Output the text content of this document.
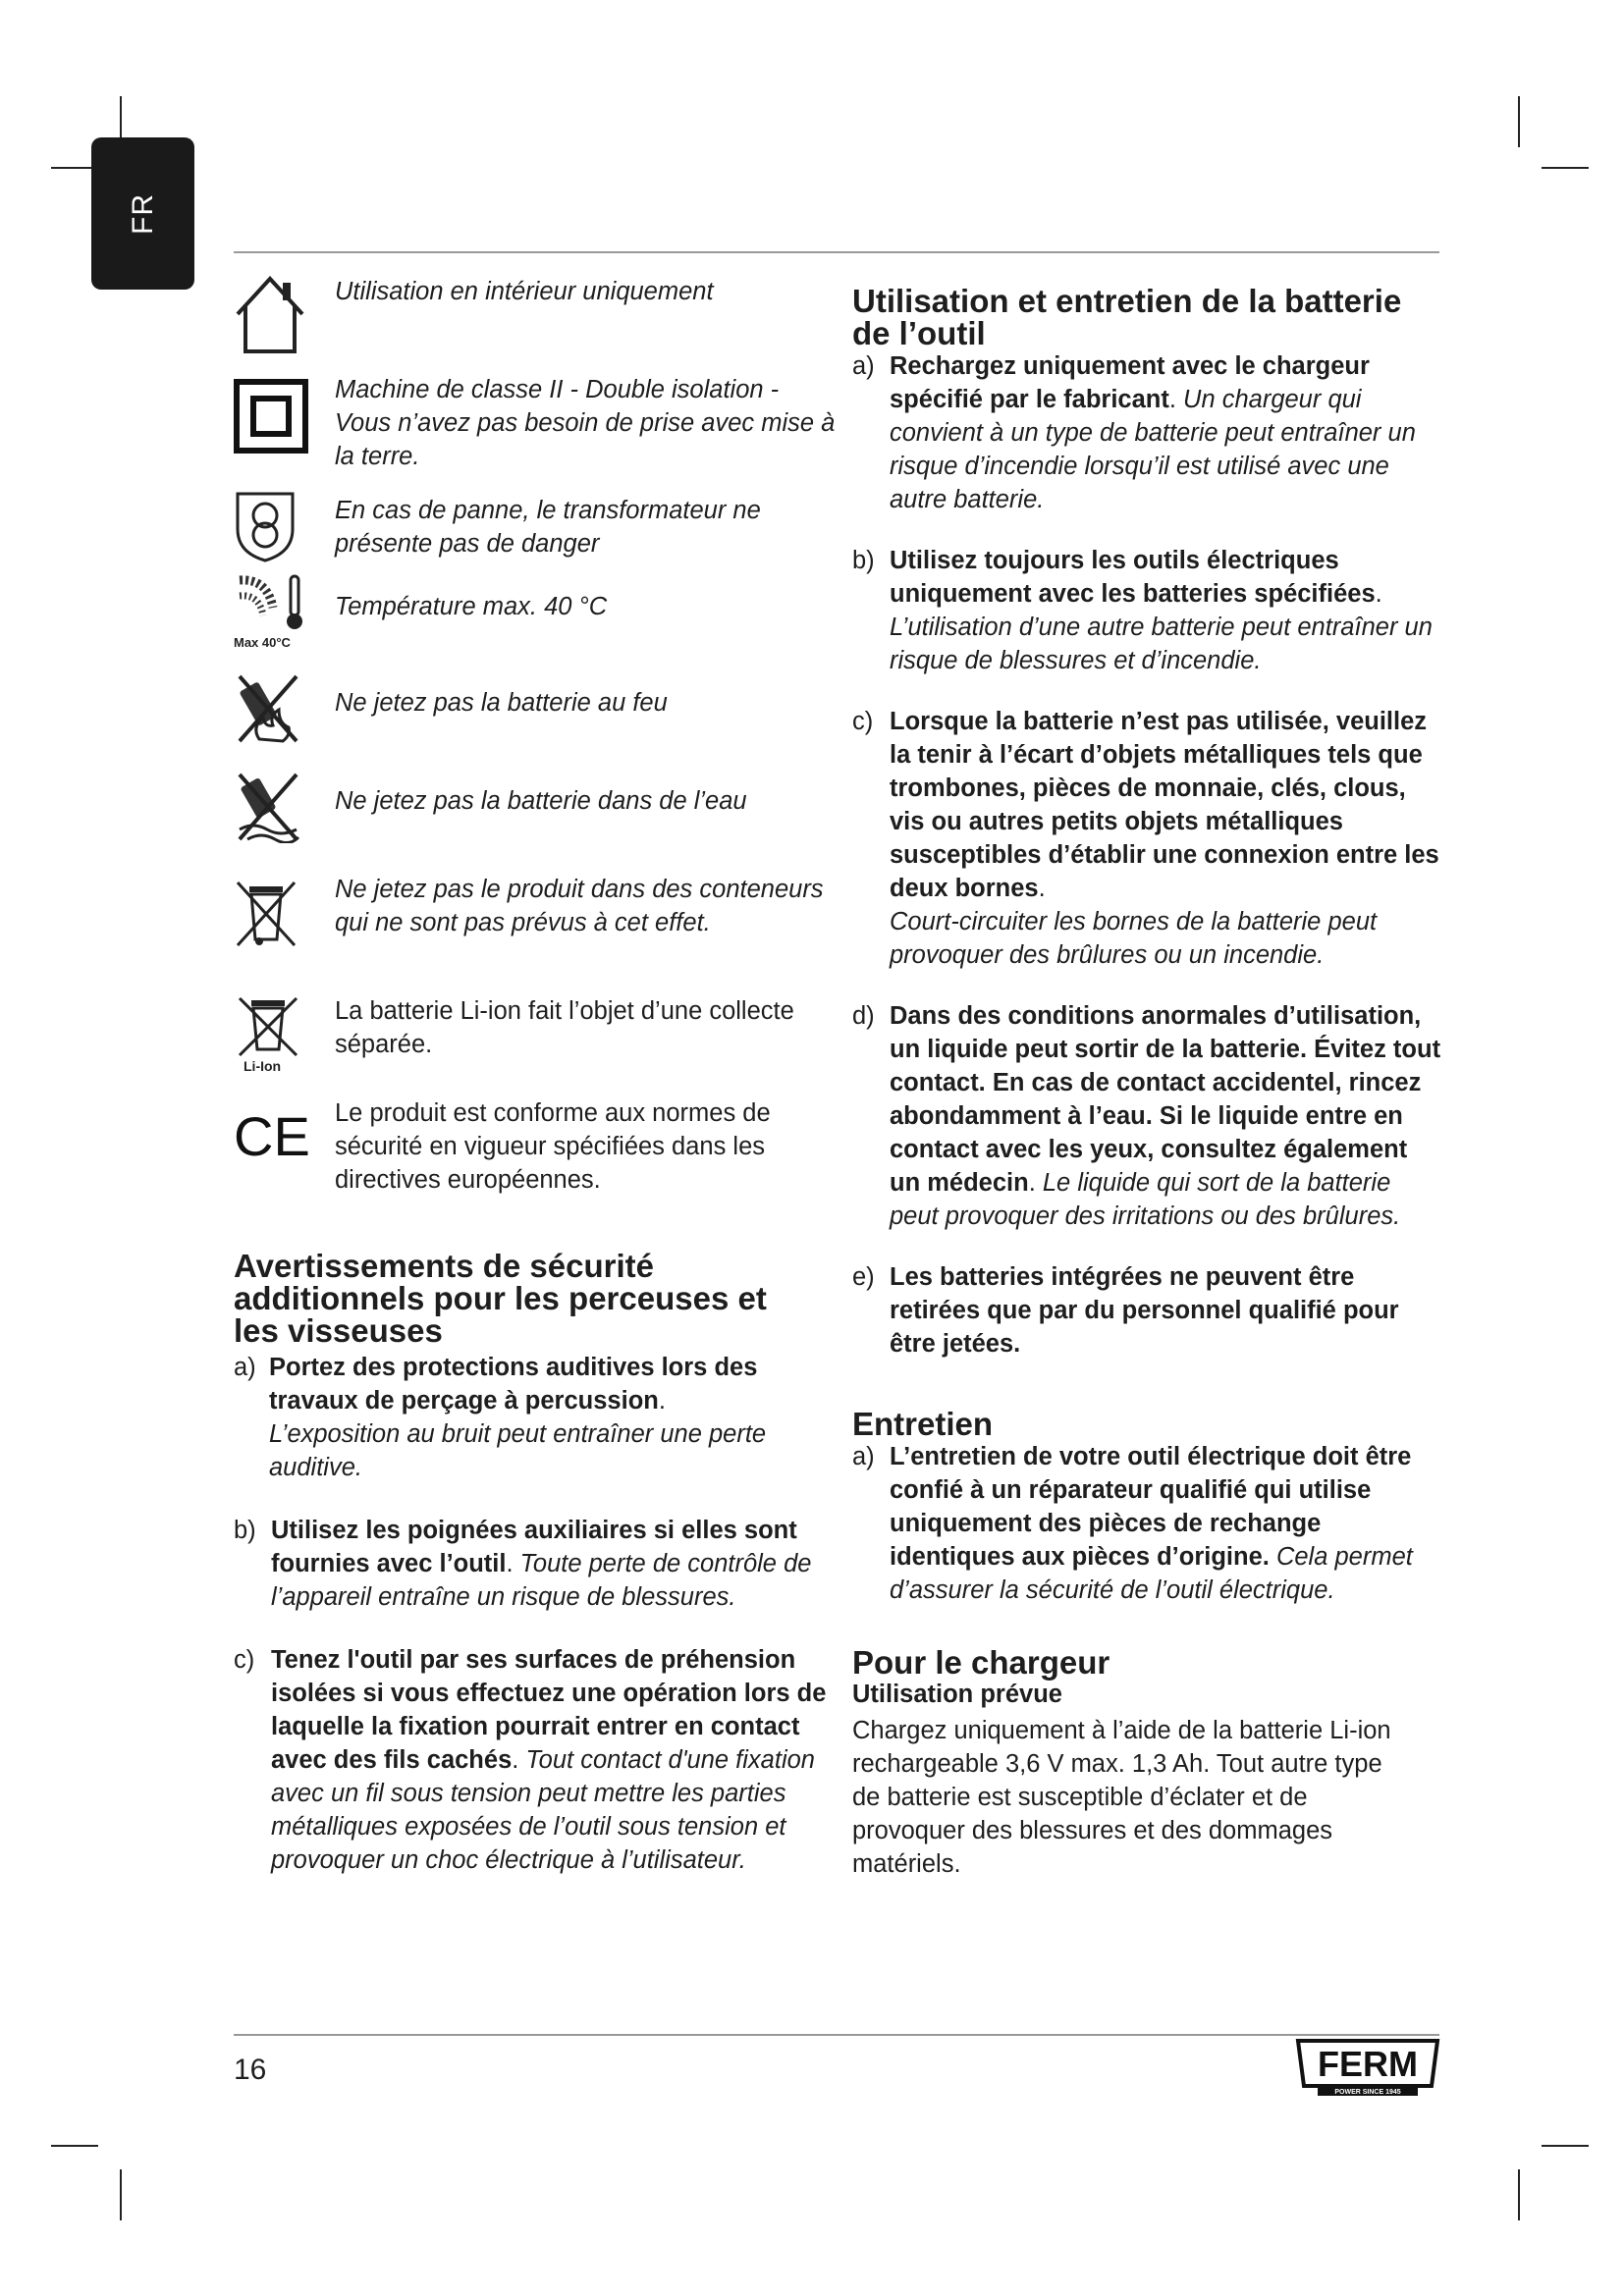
FR
Utilisation en intérieur uniquement
Machine de classe II - Double isolation - Vous n’avez pas besoin de prise avec mise à la terre.
En cas de panne, le transformateur ne présente pas de danger
Max 40°C
Température max. 40 °C
Ne jetez pas la batterie au feu
Ne jetez pas la batterie dans de l’eau
Ne jetez pas le produit dans des conteneurs qui ne sont pas prévus à cet effet.
Li-Ion
La batterie Li-ion fait l’objet d’une collecte séparée.
CE Le produit est conforme aux normes de sécurité en vigueur spécifiées dans les directives européennes.
Avertissements de sécurité additionnels pour les perceuses et les visseuses
a) Portez des protections auditives lors des travaux de perçage à percussion.
L’exposition au bruit peut entraîner une perte auditive.
b) Utilisez les poignées auxiliaires si elles sont fournies avec l’outil. Toute perte de contrôle de l’appareil entraîne un risque de blessures.
c) Tenez l'outil par ses surfaces de préhension isolées si vous effectuez une opération lors de laquelle la fixation pourrait entrer en contact avec des fils cachés. Tout contact d'une fixation avec un fil sous tension peut mettre les parties métalliques exposées de l’outil sous tension et provoquer un choc électrique à l’utilisateur.
Utilisation et entretien de la batterie de l’outil
a) Rechargez uniquement avec le chargeur spécifié par le fabricant. Un chargeur qui convient à un type de batterie peut entraîner un risque d’incendie lorsqu’il est utilisé avec une autre batterie.
b) Utilisez toujours les outils électriques uniquement avec les batteries spécifiées.
L’utilisation d’une autre batterie peut entraîner un risque de blessures et d’incendie.
c) Lorsque la batterie n’est pas utilisée, veuillez la tenir à l’écart d’objets métalliques tels que trombones, pièces de monnaie, clés, clous, vis ou autres petits objets métalliques susceptibles d’établir une connexion entre les deux bornes.
Court-circuiter les bornes de la batterie peut provoquer des brûlures ou un incendie.
d) Dans des conditions anormales d’utilisation, un liquide peut sortir de la batterie. Évitez tout contact. En cas de contact accidentel, rincez abondamment à l’eau. Si le liquide entre en contact avec les yeux, consultez également un médecin. Le liquide qui sort de la batterie peut provoquer des irritations ou des brûlures.
e) Les batteries intégrées ne peuvent être retirées que par du personnel qualifié pour être jetées.
Entretien
a) L’entretien de votre outil électrique doit être confié à un réparateur qualifié qui utilise uniquement des pièces de rechange identiques aux pièces d’origine. Cela permet d’assurer la sécurité de l’outil électrique.
Pour le chargeur
Utilisation prévue
Chargez uniquement à l’aide de la batterie Li-ion rechargeable 3,6 V max. 1,3 Ah. Tout autre type de batterie est susceptible d’éclater et de provoquer des blessures et des dommages matériels.
16	FERM
POWER SINCE 1945
